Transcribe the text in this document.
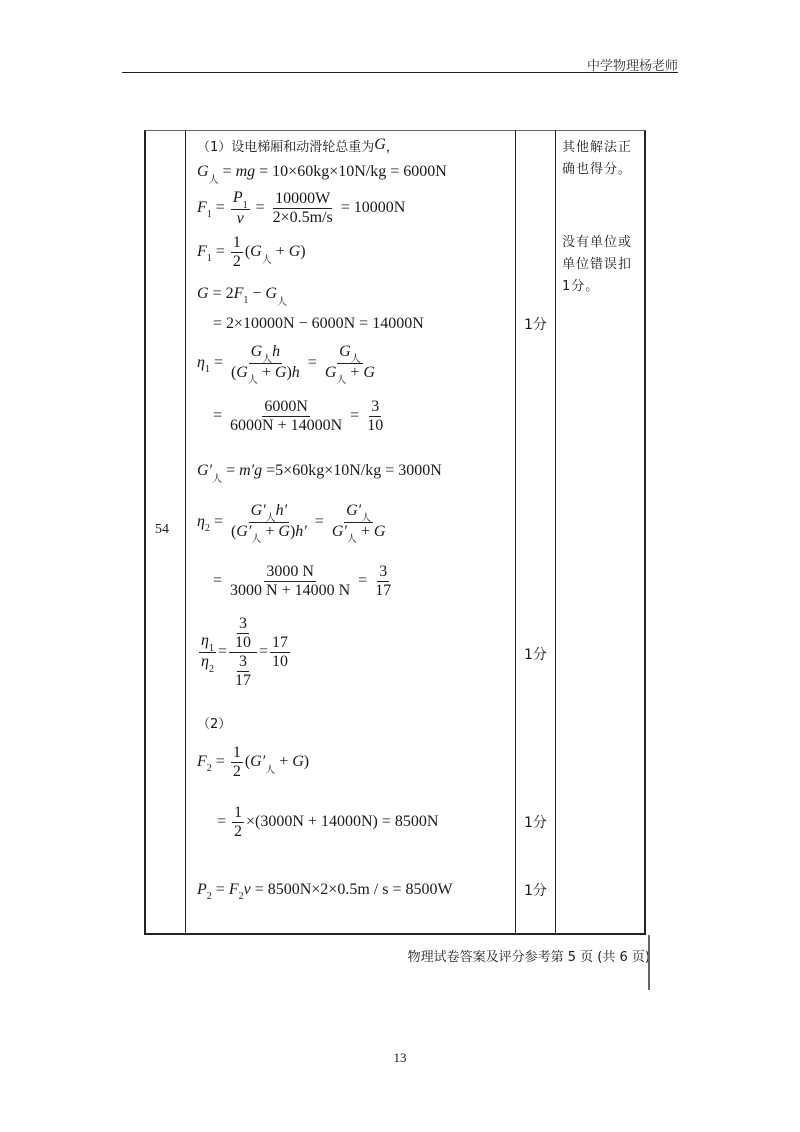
中学物理杨老师
54
（1）设电梯厢和动滑轮总重为 G ，
G 人 = mg = 10×60kg×10N/kg = 6000N
F $1 = \frac{P_1}{v} = \frac{10000W}{2\times 0.5m/s} = 10000N$
F $1 = \frac{1}{2}$ ( G 人 + G )
G = 2 F 1 − G 人
= 2×10000N − 6000N = 14000N
η $1 = \frac{G_人h}{(G_人 + G)h} = \frac{G_人}{G_人 + G}$
= $\frac{6000N}{6000N + 14000N} = \frac{3}{10}$
G′ 人 = m′g =5×60kg×10N/kg = 3000N
η $2 = \frac{G'_人h'}{(G'_人 + G)h'} = \frac{G'_人}{G'_人 + G}$
= $\frac{3000 N}{3000 N + 14000 N} = \frac{3}{17}$
$\frac{\eta_1}{\eta_2} = \frac{\frac{3}{10}}{\frac{3}{17}} = \frac{17}{10}$
（2）
F $2 = \frac{1}{2}$ ( G′ 人 + G )
= $\frac{1}{2} \times(3000N + 14000N) = 8500N$
P 2 = F 2 v = 8500N×2×0.5m / s = 8500W
1分
1分
1分
1分
其他解法正
确也得分。
没有单位或
单位错误扣
1分。
物理试卷答案及评分参考第 5 页 (共 6 页)
13
